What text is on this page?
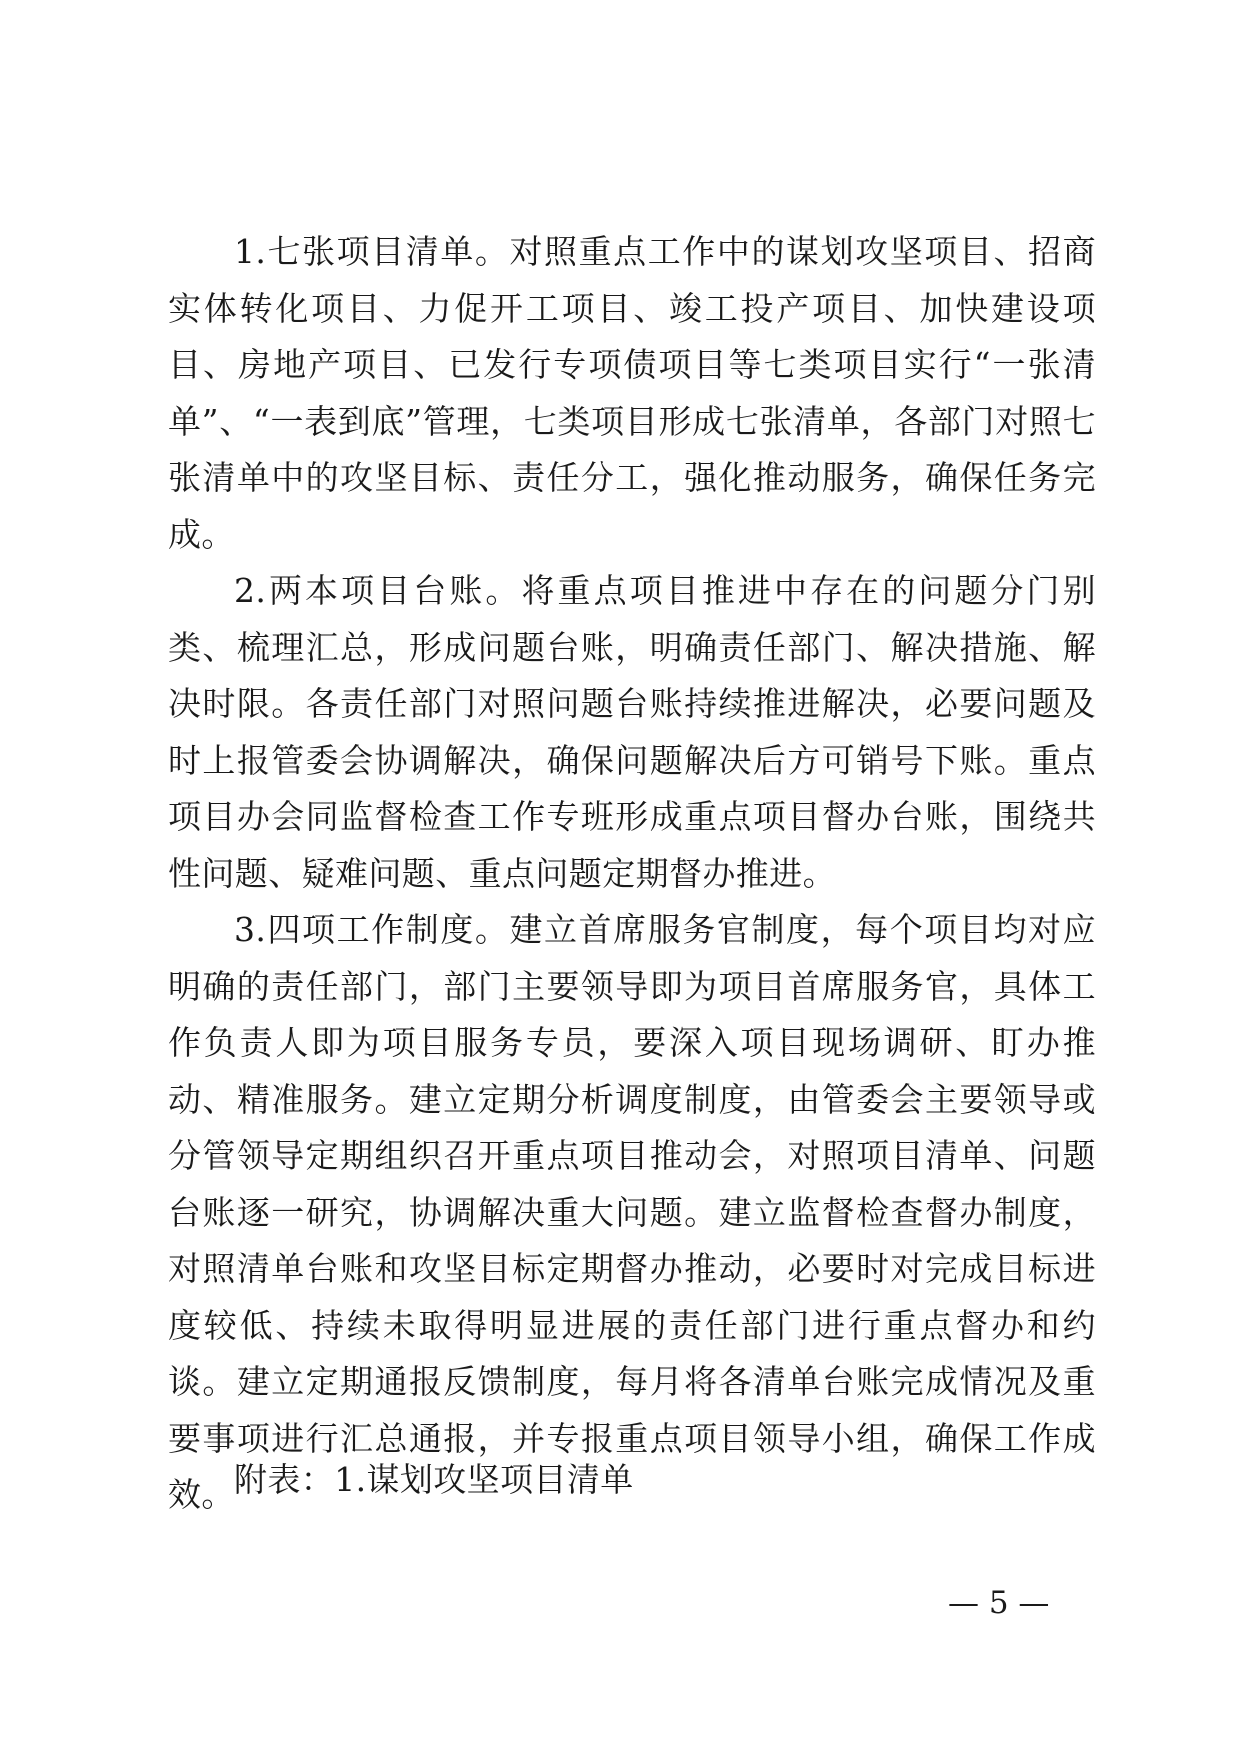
1.七张项目清单。对照重点工作中的谋划攻坚项目、招商实体转化项目、力促开工项目、竣工投产项目、加快建设项目、房地产项目、已发行专项债项目等七类项目实行“一张清单”、“一表到底”管理，七类项目形成七张清单，各部门对照七张清单中的攻坚目标、责任分工，强化推动服务，确保任务完成。

2.两本项目台账。将重点项目推进中存在的问题分门别类、梳理汇总，形成问题台账，明确责任部门、解决措施、解决时限。各责任部门对照问题台账持续推进解决，必要问题及时上报管委会协调解决，确保问题解决后方可销号下账。重点项目办会同监督检查工作专班形成重点项目督办台账，围绕共性问题、疑难问题、重点问题定期督办推进。

3.四项工作制度。建立首席服务官制度，每个项目均对应明确的责任部门，部门主要领导即为项目首席服务官，具体工作负责人即为项目服务专员，要深入项目现场调研、盯办推动、精准服务。建立定期分析调度制度，由管委会主要领导或分管领导定期组织召开重点项目推动会，对照项目清单、问题台账逐一研究，协调解决重大问题。建立监督检查督办制度，对照清单台账和攻坚目标定期督办推动，必要时对完成目标进度较低、持续未取得明显进展的责任部门进行重点督办和约谈。建立定期通报反馈制度，每月将各清单台账完成情况及重要事项进行汇总通报，并专报重点项目领导小组，确保工作成效。 附表：1.谋划攻坚项目清单
— 5 —
